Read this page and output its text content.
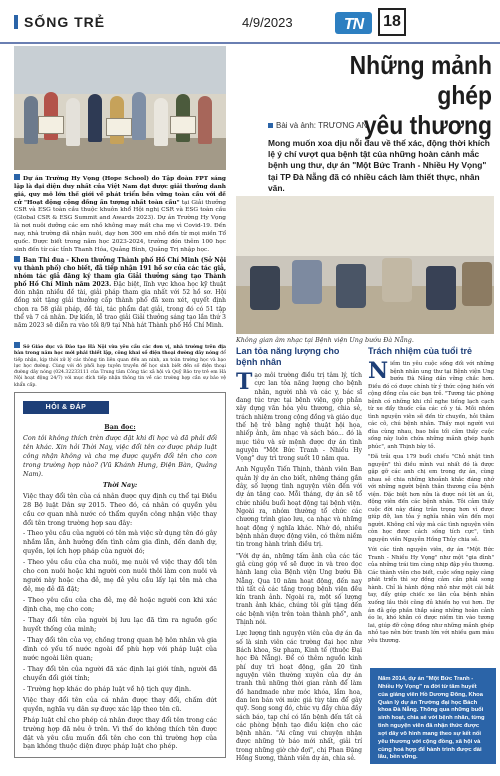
SỐNG TRẺ	4/9/2023	TN	18
Dự án Trường Hy Vọng (Hope School) do Tập đoàn FPT sáng lập là đại diện duy nhất của Việt Nam đạt được giải thưởng danh giá, quy mô lớn thế giới về phát triển bền vững toàn cầu với đề cử "Hoạt động cộng đồng ấn tượng nhất toàn cầu" tại Giải thưởng CSR và ESG toàn cầu thuộc khuôn khổ Hội nghị CSR và ESG toàn cầu (Global CSR & ESG Summit and Awards 2023). Dự án Trường Hy Vọng là nơi nuôi dưỡng các em nhỏ không may mất cha mẹ vì Covid-19. Đến nay, nhà trường đã nhận nuôi, dạy hơn 300 em nhỏ đến từ mọi miền Tổ quốc. Được biết trong năm học 2023-2024, trường đón thêm 100 học sinh đến từ các tỉnh Thanh Hóa, Quảng Bình, Quảng Trị nhập học.
Ban Thi đua - Khen thưởng Thành phố Hồ Chí Minh (Sở Nội vụ thành phố) cho biết, đã tiếp nhận 191 hồ sơ của các tác giả, nhóm tác giả đăng ký tham gia Giải thưởng sáng tạo Thành phố Hồ Chí Minh năm 2023. Đặc biệt, lĩnh vực khoa học kỹ thuật đón nhận nhiều đề tài, giải pháp tham gia nhất với 52 hồ sơ. Hội đồng xét tặng giải thưởng cấp thành phố đã xem xét, quyết định chọn ra 58 giải pháp, đề tài, tác phẩm đạt giải, trong đó có 51 tập thể và 7 cá nhân. Dự kiến, lễ trao giải Giải thưởng sáng tạo lần thứ 3 năm 2023 sẽ diễn ra vào tối 8/9 tại Nhà hát Thành phố Hồ Chí Minh.
Sở Giáo dục và Đào tạo Hà Nội vừa yêu cầu các đơn vị, nhà trường trên địa bàn trong năm học mới phải thiết lập, công khai số điện thoại đường dây nóng để tiếp nhận, kịp thời xử lý các thông tin liên quan đến an ninh, an toàn trường học và bạo lực học đường. Cùng với đó phối hợp tuyên truyền để học sinh biết đến số điện thoại đường dây nóng (024.32233111 của Trung tâm Công tác xã hội và Quỹ Bảo trợ trẻ em Hà Nội hoạt động 24/7) với mục đích tiếp nhận thông tin về các trường hợp cần sự bảo vệ khẩn cấp.
HỎI & ĐÁP

Bạn đọc:

Con tôi không thích trèn được đặt khi đi học và đã phải đổi tên khác. Xin hỏi Thời Nay, việc đổi tên cơ được pháp luật công nhận không và cha mẹ được quyền đổi tên cho con trong trường hợp nào? (Vũ Khánh Hưng, Điện Bàn, Quảng Nam).

Thời Nay:

Việc thay đổi tên của cá nhân được quy định cụ thể tại Điều 28 Bộ luật Dân sự 2015. Theo đó, cá nhân có quyền yêu cầu cơ quan nhà nước có thẩm quyền công nhận việc thay đổi tên trong trường hợp sau đây:

- Theo yêu cầu của người có tên mà việc sử dụng tên đó gây nhầm lẫn, ảnh hưởng đến tình cảm gia đình, đến danh dự, quyền, lợi ích hợp pháp của người đó;

- Theo yêu cầu của cha nuôi, mẹ nuôi về việc thay đổi tên cho con nuôi hoặc khi người con nuôi thôi làm con nuôi và người này hoặc cha đẻ, mẹ đẻ yêu cầu lấy lại tên mà cha đẻ, mẹ đẻ đã đặt;

- Theo yêu cầu của cha đẻ, mẹ đẻ hoặc người con khi xác định cha, mẹ cho con;

- Thay đổi tên của người bị lưu lạc đã tìm ra nguồn gốc huyết thống của mình;

- Thay đổi tên của vợ, chồng trong quan hệ hôn nhân và gia đình có yếu tố nước ngoài để phù hợp với pháp luật của nước ngoài liên quan;

- Thay đổi tên của người đã xác định lại giới tính, người đã chuyển đổi giới tính;

- Trường hợp khác do pháp luật về hộ tịch quy định.

Việc thay đổi tên của cá nhân được thay đổi, chấm dứt quyền, nghĩa vụ dân sự được xác lập theo tên cũ.

Pháp luật chỉ cho phép cá nhân được thay đổi tên trong các trường hợp đã nêu ở trên. Vì thế do không thích tên được đặt và yêu cầu muốn đổi tên cho con thì trường hợp của bạn không thuộc diện được pháp luật cho phép.

Những mảnh ghép
yêu thương
Bài và ảnh: TRƯƠNG AN
Mong muốn xoa dịu nỗi đau về thể xác, động thời khích lệ ý chí vượt qua bệnh tật của những hoàn cảnh mắc bệnh ung thư, dự án "Một Bức Tranh - Nhiều Hy Vọng" tại TP Đà Nẵng đã có nhiều cách làm thiết thực, nhân văn.
Không gian âm nhạc tại Bệnh viện Ung bướu Đà Nẵng.
Lan tỏa năng lượng cho bệnh nhân
Tạo môi trường điều trị tâm lý, tích cực lan tỏa năng lượng cho bệnh nhân, người nhà và các y, bác sĩ đang túc trực tại bệnh viện, góp phần xây dựng văn hóa yêu thương, chia sẻ, trách nhiệm trong cộng đồng và giáo dục thế hệ trẻ bằng nghệ thuật hội họa, nhiếp ảnh, âm nhạc và sách báo... đó là mục tiêu và sứ mệnh được dự án tình nguyện "Một Bức Tranh - Nhiều Hy Vọng" duy trì trong suốt 10 năm qua.
Anh Nguyễn Tiến Thịnh, thành viên Ban quản lý dự án cho biết, những tháng gần đây, số lượng tình nguyện viên đến với dự án tăng cao. Mỗi tháng, dự án sẽ tổ chức nhiều buổi hoạt động tại bệnh viện. Ngoài ra, nhóm thường tổ chức các chương trình giao lưu, ca nhạc và những hoạt động ý nghĩa khác. Nhờ đó, nhiều bệnh nhân được động viên, có thêm niềm tin trong hành trình điều trị.
"Với dự án, những tấm ảnh của các tác giả cùng góp về sẽ được in và treo dọc hành lang của Bệnh viện Ung bướu Đà Nẵng. Qua 10 năm hoạt động, đến nay thì tất cả các tầng trong bệnh viện đều kín tranh ảnh. Ngoài ra, một số lượng tranh ảnh khác, chúng tôi gửi tặng đến các bệnh viện trên toàn thành phố", anh Thịnh nói.
Lực lượng tình nguyện viên của dự án đa số là sinh viên các trường đại học như Bách khoa, Sư phạm, Kinh tế (thuộc Đại học Đà Nẵng). Để có thêm nguồn kinh phí duy trì hoạt động, gần 20 tình nguyện viên thường xuyên của dự án tranh thủ những thời gian rảnh để làm đồ handmade như móc khóa, lắm hoa, đan len bán với mức giá tùy tâm để gây quỹ. Song song đó, chúc vụ đầy chùa đầy sách báo, tạp chí có lần bệnh đến tất cả các phòng bệnh tạo điều kiện cho các bệnh nhân. "Ai cũng vui chuyện nhận được những tờ báo mới nhất, giải trí trong những giờ chờ đợi", chị Phan Đặng Hồng Sương, thành viên dự án, chia sẻ.
Trách nhiệm của tuổi trẻ
Niềm tin yêu cuộc sống đối với những bệnh nhân ung thư tại Bệnh viện Ung bướu Đà Nẵng dần vững chắc hơn. Điều đó có được chính từ ý thức cộng hiến với cộng đồng của các bạn trẻ. "Tương tác phòng bệnh có những khi chỉ nghe tiếng lạch cạch từ xe đẩy thuốc của các cô y tá. Mỗi nhóm tình nguyện viên sẽ đến từ chuyến, hỏi thăm các cô, chú bệnh nhân. Thấy mọi người vui đùa cùng nhau, bao bầu tối căm thấy cuộc sống này luôn chứa những mảnh ghép hạnh phúc", anh Thịnh bày tỏ.
"Đã trải qua 179 buổi chiếu "Chủ nhật tinh nguyện" thì điều mình vui nhất đó là được gặp gỡ các anh chị em trong dự án, cùng nhau sẻ chia những khoảnh khắc đáng nhớ với những người bệnh thân thương của bệnh viện. Đặc biệt hơn nữa là được nói lời an ủi, động viên đến các bệnh nhân. Tôi cảm thấy cuộc đời này đáng trân trọng hơn vì được giúp đỡ, lan tỏa ý nghĩa nhân văn đến mọi người. Không chỉ vậy mà các tình nguyện viên còn học được cách sống tích cực", tình nguyện viên Nguyễn Hồng Thủy chia sẻ.
Với các tình nguyện viên, dự án "Một Bức Tranh - Nhiều Hy Vọng" như một "gia đình" của những trái tim cùng nhịp đập yêu thương. Các thành viên cho biết, cuộc sống ngày càng phát triển thì sự đồng cảm cần phải song hành. Chỉ là hành động nhỏ như một cái bắt tay, đẩy giúp chiếc xe lăn của bệnh nhân xuống lầu thôi cũng đủ khiến họ vui hơn. Dự án đã góp phần thắp sáng những hoàn cảnh éo le, khó khăn có được niềm tin vào tương lai, giúp đỡ cộng đồng như những mảnh ghép nhỏ tạo nên bức tranh lớn với nhiều gam màu yêu thương.
Năm 2014, dự án "Một Bức Tranh - Nhiều Hy Vọng" ra đời từ tâm huyết của giảng viên Hồ Dương Đông, Khoa Quản lý dự án Trường đại học Bách khoa Đà Nẵng. Thông qua những buổi sinh hoạt, chia sẻ với bệnh nhân, từng tình nguyện viên đã nhận thức được sợi dây vô hình mang theo sự kết nối yêu thương với cộng đồng, xã hội và cùng hoá hợp để hành trình được dài lâu, bền vững.
